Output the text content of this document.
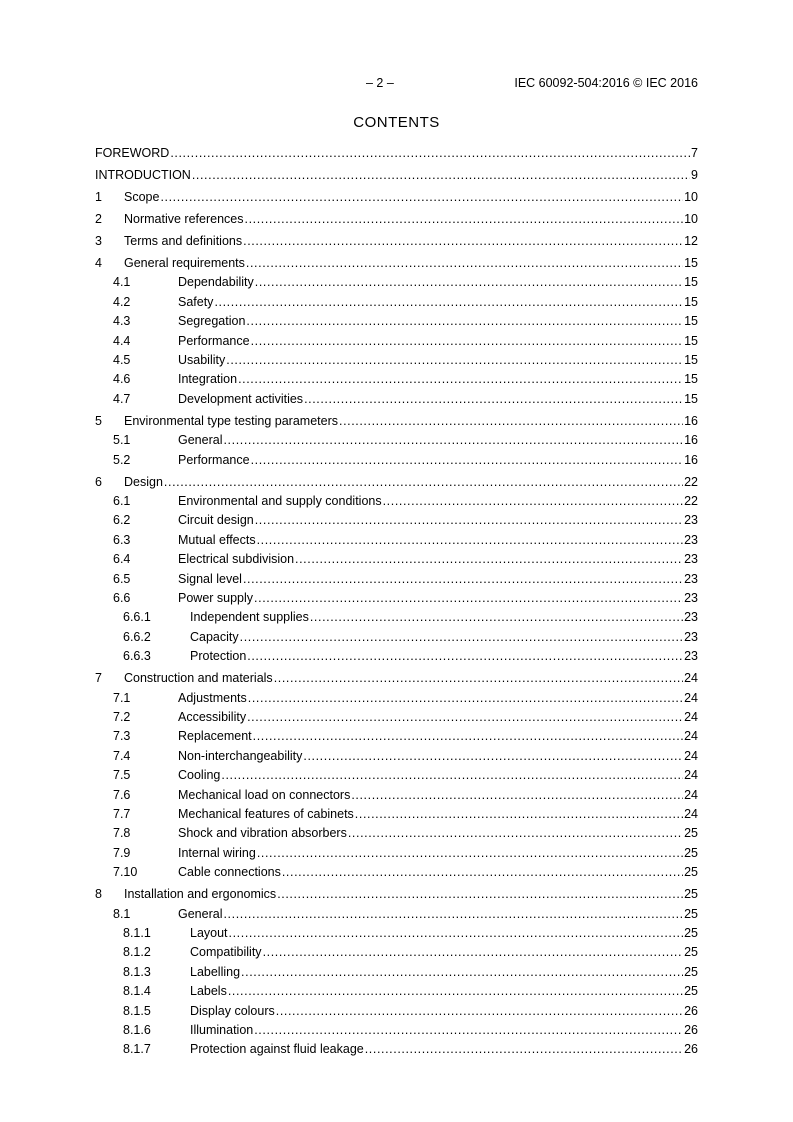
– 2 –	IEC 60092-504:2016 © IEC 2016
CONTENTS
FOREWORD .....	7
INTRODUCTION .....	9
1	Scope .....	10
2	Normative references .....	10
3	Terms and definitions .....	12
4	General requirements .....	15
4.1	Dependability .....	15
4.2	Safety .....	15
4.3	Segregation .....	15
4.4	Performance .....	15
4.5	Usability .....	15
4.6	Integration .....	15
4.7	Development activities .....	15
5	Environmental type testing parameters .....	16
5.1	General .....	16
5.2	Performance .....	16
6	Design .....	22
6.1	Environmental and supply conditions .....	22
6.2	Circuit design .....	23
6.3	Mutual effects .....	23
6.4	Electrical subdivision .....	23
6.5	Signal level .....	23
6.6	Power supply .....	23
6.6.1	Independent supplies .....	23
6.6.2	Capacity .....	23
6.6.3	Protection .....	23
7	Construction and materials .....	24
7.1	Adjustments .....	24
7.2	Accessibility .....	24
7.3	Replacement .....	24
7.4	Non-interchangeability .....	24
7.5	Cooling .....	24
7.6	Mechanical load on connectors .....	24
7.7	Mechanical features of cabinets .....	24
7.8	Shock and vibration absorbers .....	25
7.9	Internal wiring .....	25
7.10	Cable connections .....	25
8	Installation and ergonomics .....	25
8.1	General .....	25
8.1.1	Layout .....	25
8.1.2	Compatibility .....	25
8.1.3	Labelling .....	25
8.1.4	Labels .....	25
8.1.5	Display colours .....	26
8.1.6	Illumination .....	26
8.1.7	Protection against fluid leakage .....	26
